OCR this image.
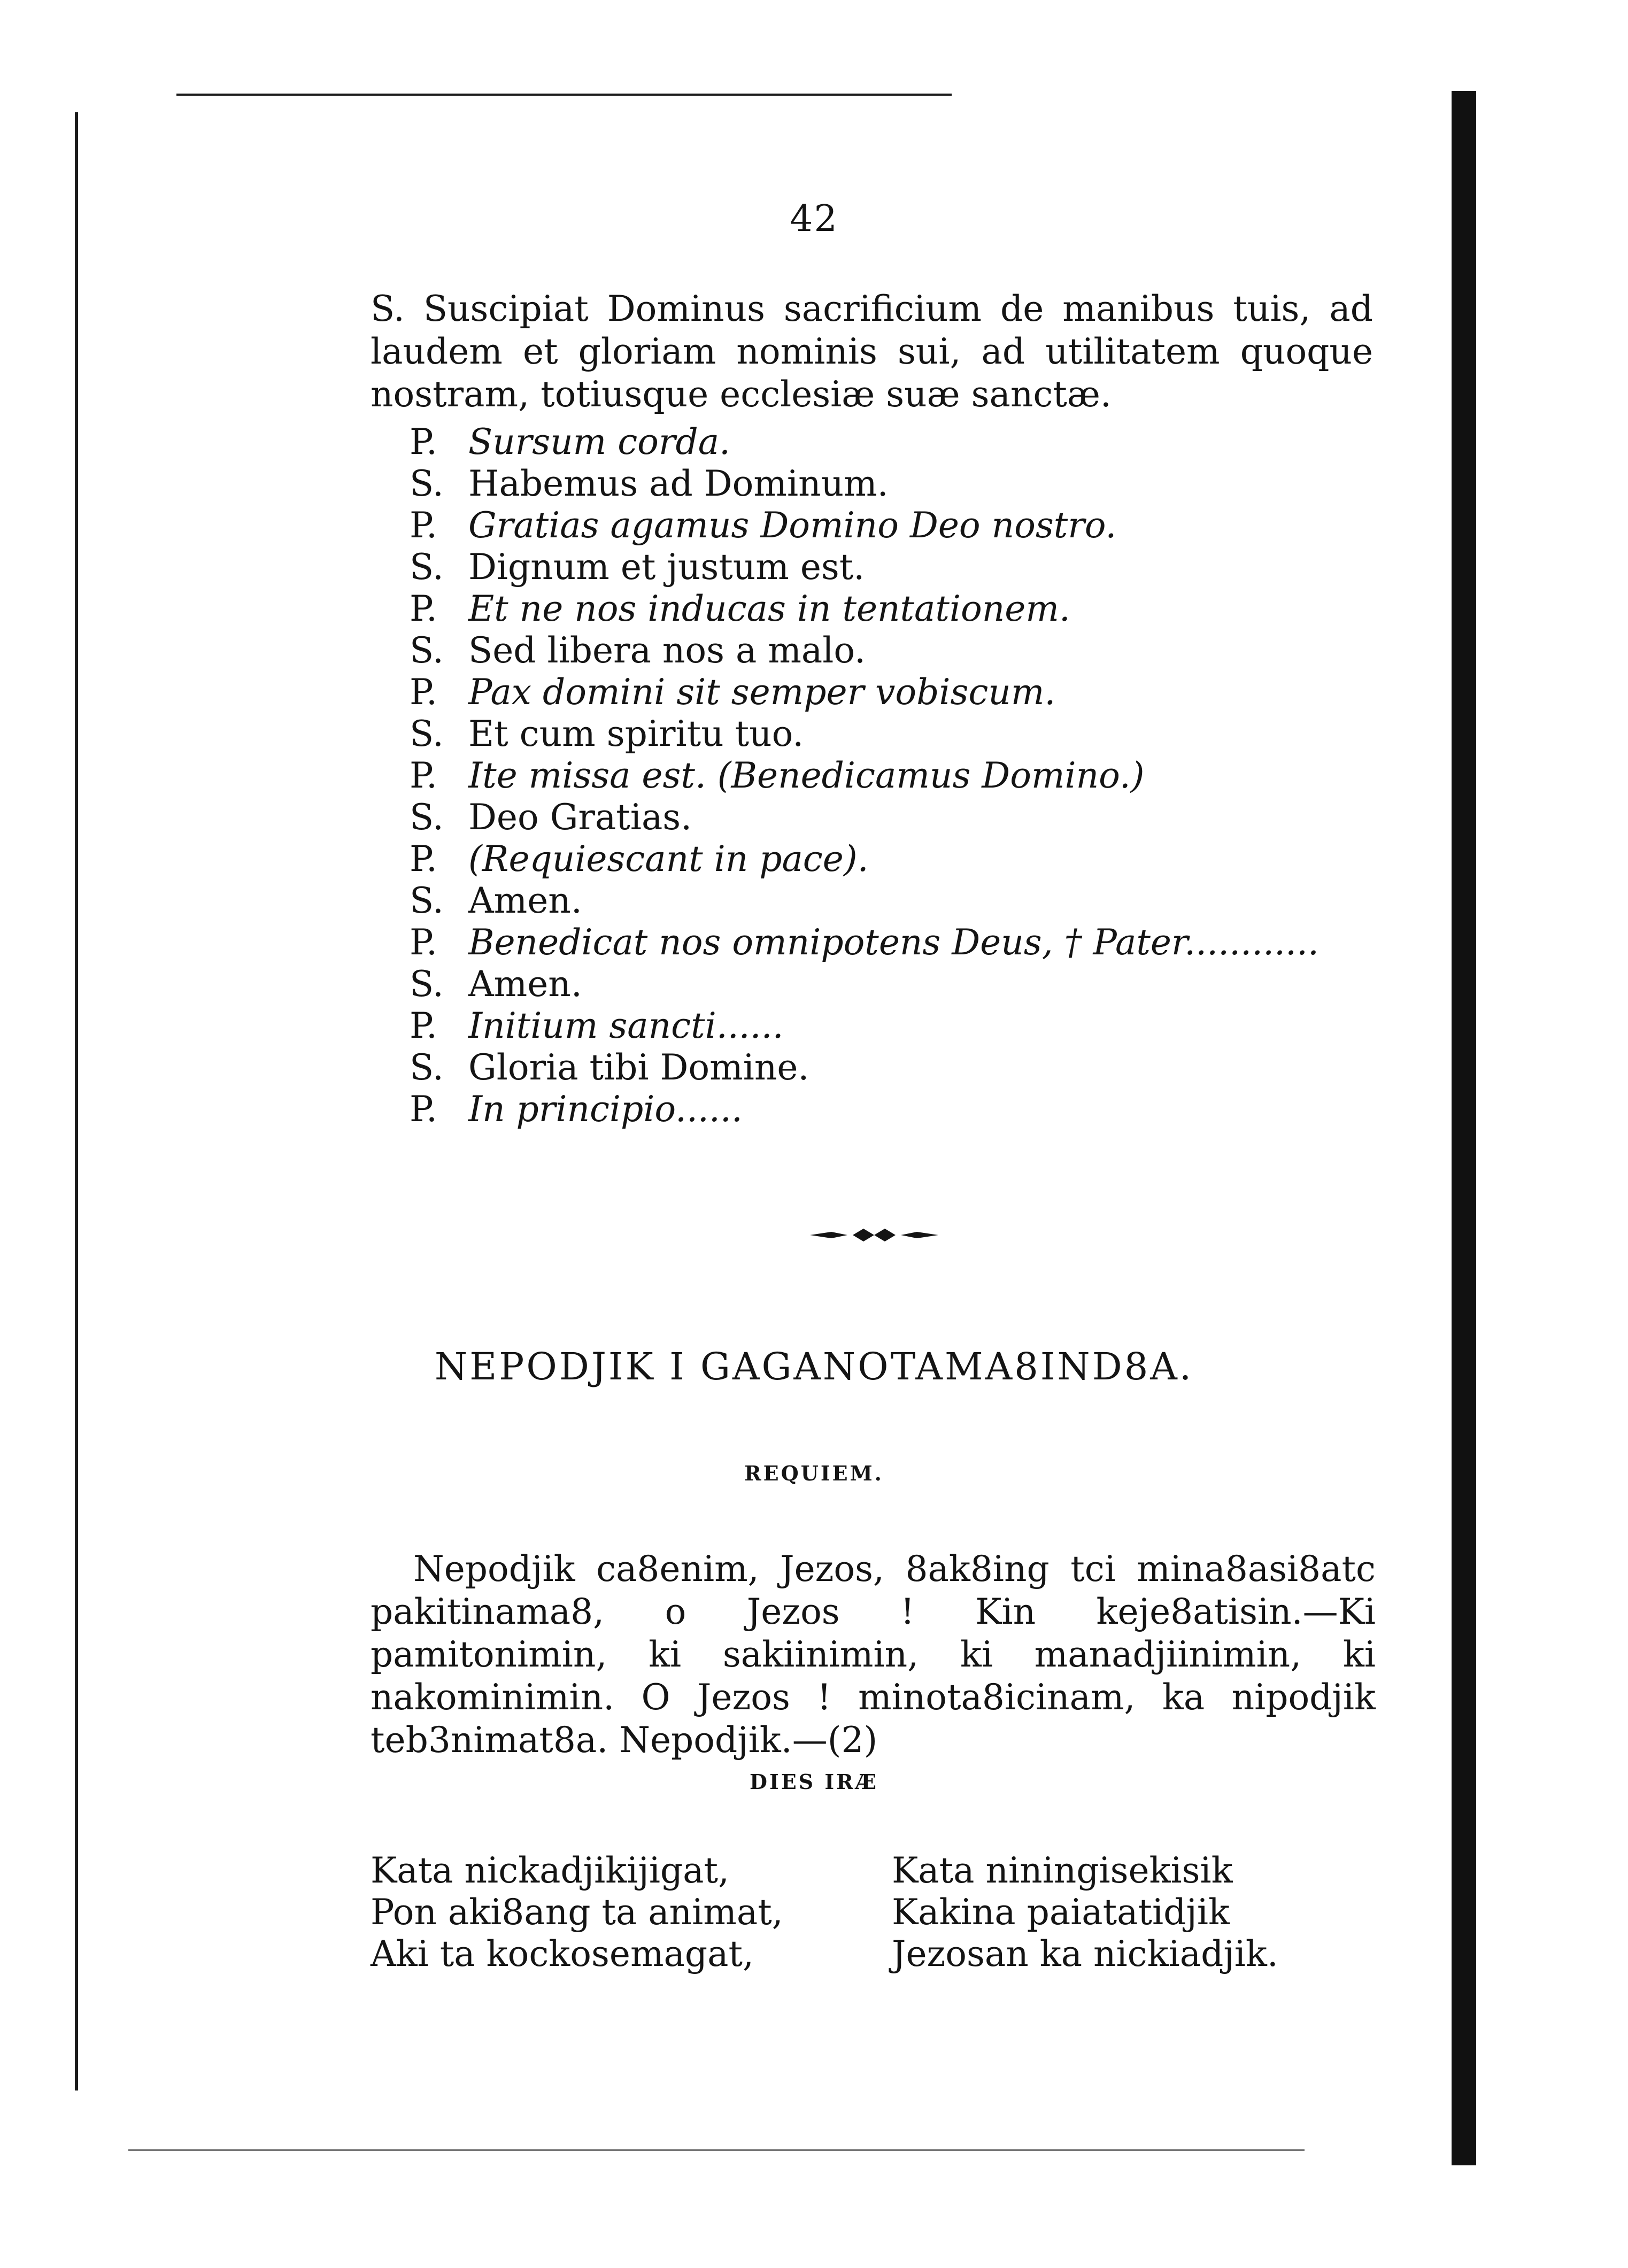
42

S. Suscipiat Dominus sacrificium de manibus tuis, ad laudem et gloriam nominis sui, ad utilitatem quoque nostram, totiusque ecclesiæ suæ sanctæ.

P. Sursum corda.
S. Habemus ad Dominum.
P. Gratias agamus Domino Deo nostro.
S. Dignum et justum est.
P. Et ne nos inducas in tentationem.
S. Sed libera nos a malo.
P. Pax domini sit semper vobiscum.
S. Et cum spiritu tuo.
P. Ite missa est. (Benedicamus Domino.)
S. Deo Gratias.
P. (Requiescant in pace).
S. Amen.
P. Benedicat nos omnipotens Deus, † Pater............
S. Amen.
P. Initium sancti......
S. Gloria tibi Domine.
P. In principio......
NEPODJIK I GAGANOTAMA8IND8A.
REQUIEM.

Nepodjik ca8enim, Jezos, 8ak8ing tci mina8asi8atc pakitinama8, o Jezos ! Kin keje8atisin.—Ki pamitonimin, ki sakiinimin, ki manadjiinimin, ki nakominimin. O Jezos ! minota8icinam, ka nipodjik teb3nimat8a. Nepodjik.—(2)

DIES IRÆ
Kata nickadjikijigat,
Pon aki8ang ta animat,
Aki ta kockosemagat,
Kata niningisekisik
Kakina paiatatidjik
Jezosan ka nickiadjik.
